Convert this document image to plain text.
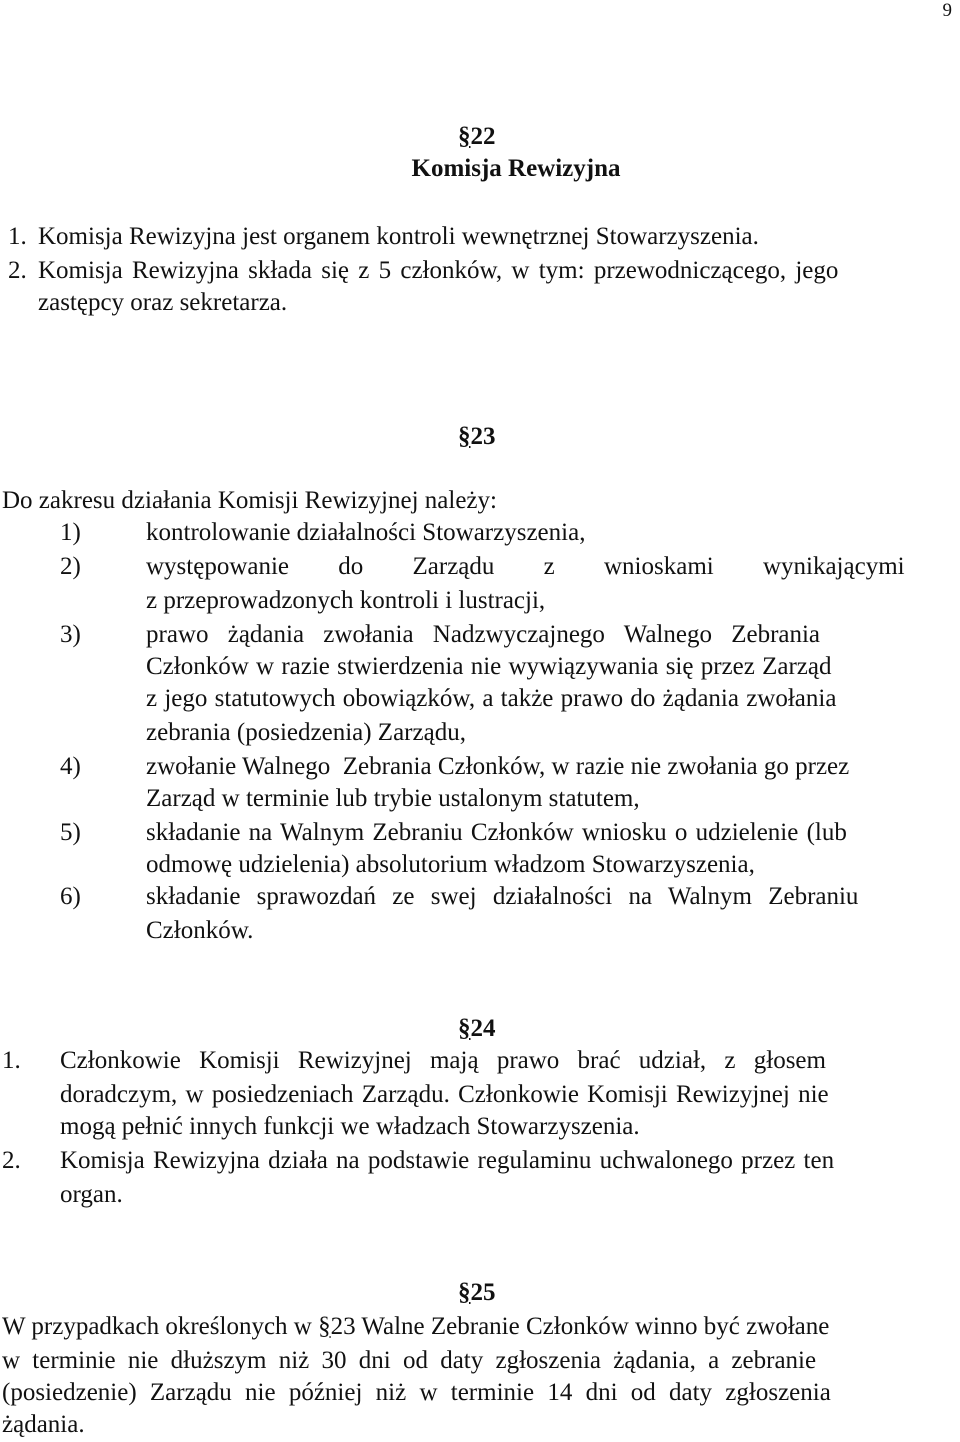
9
§22
Komisja Rewizyjna
1. Komisja Rewizyjna jest organem kontroli wewnętrznej Stowarzyszenia.
2. Komisja Rewizyjna składa się z 5 członków, w tym: przewodniczącego, jego
zastępcy oraz sekretarza.
§23
Do zakresu działania Komisji Rewizyjnej należy:
1)	kontrolowanie działalności Stowarzyszenia,
2)	występowanie do Zarządu z wnioskami wynikającymi
z przeprowadzonych kontroli i lustracji,
3)	prawo żądania zwołania Nadzwyczajnego Walnego Zebrania
Członków w razie stwierdzenia nie wywiązywania się przez Zarząd
z jego statutowych obowiązków, a także prawo do żądania zwołania
zebrania (posiedzenia) Zarządu,
4)	zwołanie Walnego  Zebrania Członków, w razie nie zwołania go przez
Zarząd w terminie lub trybie ustalonym statutem,
5)	składanie na Walnym Zebraniu Członków wniosku o udzielenie (lub
odmowę udzielenia) absolutorium władzom Stowarzyszenia,
6)	składanie sprawozdań ze swej działalności na Walnym Zebraniu
Członków.
§24
1. Członkowie Komisji Rewizyjnej mają prawo brać udział, z głosem
doradczym, w posiedzeniach Zarządu. Członkowie Komisji Rewizyjnej nie
mogą pełnić innych funkcji we władzach Stowarzyszenia.
2. Komisja Rewizyjna działa na podstawie regulaminu uchwalonego przez ten
organ.
§25
W przypadkach określonych w §23 Walne Zebranie Członków winno być zwołane
w terminie nie dłuższym niż 30 dni od daty zgłoszenia żądania, a zebranie
(posiedzenie) Zarządu nie później niż w terminie 14 dni od daty zgłoszenia
żądania.
